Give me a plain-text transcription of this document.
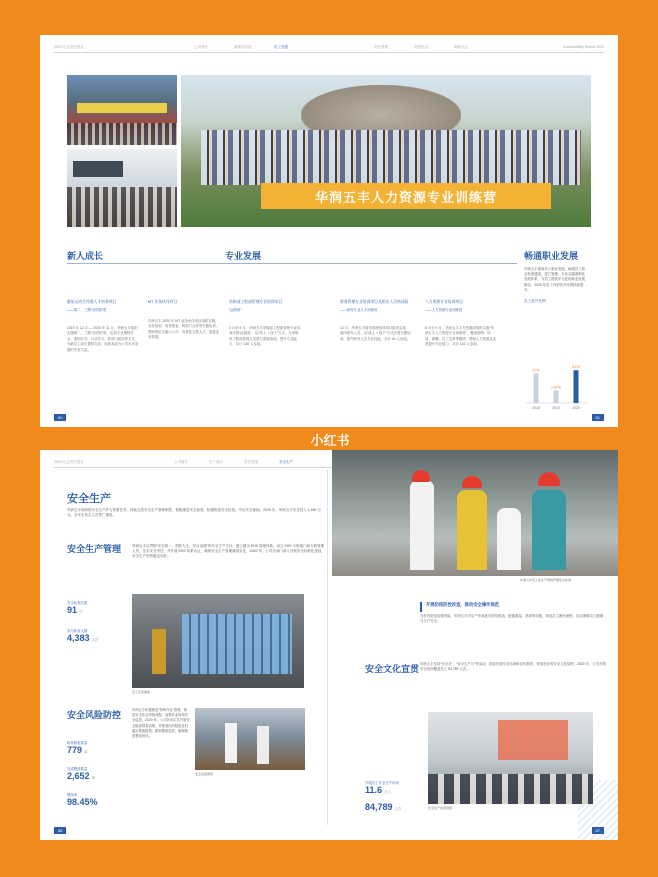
2020 社会责任报告	公司简介	董事长致辞	员工发展	责任管理	发展经济	奉献社会	Sustainability Report 2020
华润五丰人力资源专业训练营
新人成长	专业发展	畅通职业发展
繁星运动生经理人才培养项目
——第二、三期“启明星”班
2019 年 12 月 — 2020 年 11 月，华润五丰组织实施第二、三期“启明星”班，包括专业课程学习、案例分享、行动学习、跨部门轮岗等方式，为新员工成长提供支持，培养其成为公司未来发展的中坚力量。
MT 业务伙伴项目
华润五丰 2020 年 MT 业务伙伴项目组织实施，业务规划、财务报表、跨部门合作等专题培训，帮助管培生融入公司，培养复合型人才，促进业务发展。
采购部工程部管理专业培训项目
“远航班”
3 月至 8 月，华润五丰采购部工程部管理专业培训实施“远航班”，以“线上 + 线下”方式，对采购部工程部管理人员进行系统培训，提升专业能力，共计 136 人参加。
财务管理专业培训项目及相关人员培训班
——财务专业人才训练营
10 月，华润五丰财务管理培训项目组织实施，面向财务人员，以“线上 + 线下”方式开展专题培训，提升财务人员专业技能，共计 40 人参加。
人力资源专业培训项目
——人力资源专业训练营
8 月至 9 月，华润五丰人力资源部组织实施“华润五丰人力资源专业训练营”，覆盖招聘、培训、薪酬、员工关系等模块，帮助人力资源从业者提升专业能力，共计 102 人参加。
华润五丰重视员工职业发展，畅通员工职业发展通道，建立管理、专业双通道职业发展体系，为员工提供多元化的职业发展路径，2020 年员工内部晋升比例持续提升。
员工晋升比例
3.7%
2018
1.57%
2019
4.1%
2020
60	61
小红书
2020 社会责任报告	公司简介	关于我们	责任管理	安全生产
安全生产
华润五丰始终将安全生产作为首要任务，持续完善安全生产管理制度，积极推进安全检查，积极推进安全检查，夯实安全基础。2020 年，华润五丰安全投入 1,490 万元，全年未发生人员伤亡事故。
安全生产管理	华润五丰以贯彻“安全第一、预防为主、综合治理”的安全生产方针，建立健全 EHS 管理体系，设立 EHS 专职部门和专职管理人员，压实安全责任，并开展 EHS 体系认证，确保安全生产管理落到实处，2020 年，公司各部门深入开展安全标准化建设，安全生产形势稳定向好。
安全检查次数
91 次
参与检查人数
4,383 人次
员工应急演练
安全风险防控	华润五丰积极推进“特殊作业”管理，规范安全作业审批流程，加强作业现场安全监管，2020 年，公司各单位共开展安全隐患排查治理，对排查出的隐患及时落实整改措施，跟踪整改进度，确保隐患整改闭环。
排查隐患数量
779 项
完成整改数量
2,652 项
整改率
98.45%
安全巡查现场
华润五丰员工在生产现场开展安全检查
开展防疫防控改造，推动安全操作规范
为有效防范疫情风险，华润五丰对生产车间进行防疫改造，配置测温、消毒等设施，规范员工操作流程，切实保障员工健康与生产安全。
安全文化宣贯 华润五丰坚持“安全月”、“安全生产月”等活动，持续开展安全培训和宣传教育，营造良好的安全文化氛围，2020 年，公司开展安全培训覆盖员工 84,789 人次。
开展员工安全生产培训
11.6 万人
84,789 人次	安全生产培训现场
86	87
